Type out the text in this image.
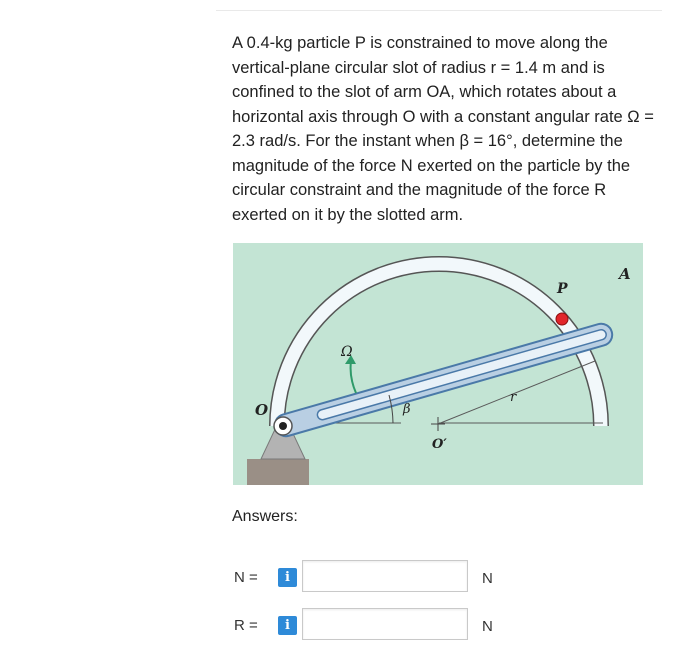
A 0.4-kg particle P is constrained to move along the vertical-plane circular slot of radius r = 1.4 m and is confined to the slot of arm OA, which rotates about a horizontal axis through O with a constant angular rate Ω = 2.3 rad/s. For the instant when β = 16°, determine the magnitude of the force N exerted on the particle by the circular constraint and the magnitude of the force R exerted on it by the slotted arm.

O
A
P
Ω
β
r
O′
Answers:
N =	i	N
R =	i	N
